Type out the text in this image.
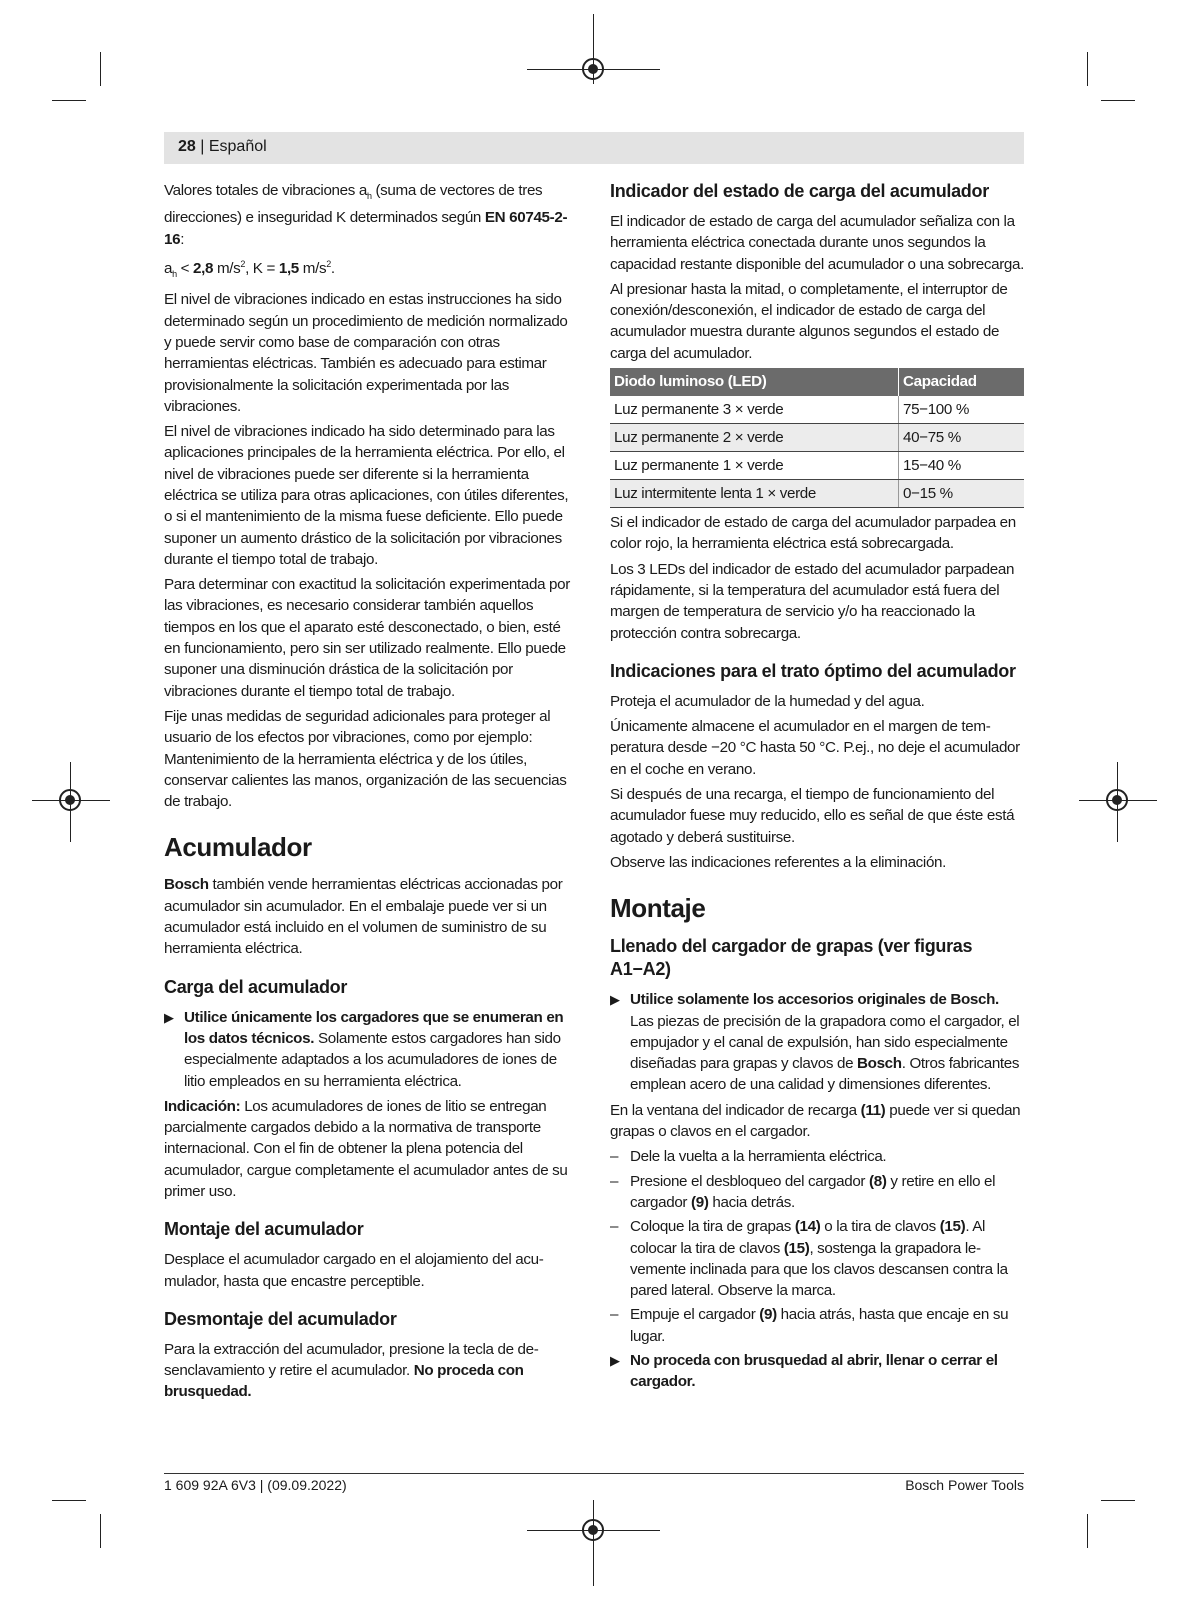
28 | Español

Valores totales de vibraciones $a_h$ (suma de vectores de tres direcciones) e inseguridad K determinados según EN 60745-2-16:

$a_h < 2,8$ $m/s^2$, K = 1,5 $m/s^2$.

El nivel de vibraciones indicado en estas instrucciones ha sido determinado según un procedimiento de medición normalizado y puede servir como base de comparación con otras herramientas eléctricas. También es adecuado para estimar provisionalmente la solicitación experimentada por las vibraciones.

El nivel de vibraciones indicado ha sido determinado para las aplicaciones principales de la herramienta eléctrica. Por ello, el nivel de vibraciones puede ser diferente si la herramienta eléctrica se utiliza para otras aplicaciones, con útiles diferentes, o si el mantenimiento de la misma fuese deficiente. Ello puede suponer un aumento drástico de la solicitación por vibraciones durante el tiempo total de trabajo.

Para determinar con exactitud la solicitación experimentada por las vibraciones, es necesario considerar también aquellos tiempos en los que el aparato esté desconectado, o bien, esté en funcionamiento, pero sin ser utilizado realmente. Ello puede suponer una disminución drástica de la solicitación por vibraciones durante el tiempo total de trabajo.

Fije unas medidas de seguridad adicionales para proteger al usuario de los efectos por vibraciones, como por ejemplo: Mantenimiento de la herramienta eléctrica y de los útiles, conservar calientes las manos, organización de las secuencias de trabajo.

Acumulador

Bosch también vende herramientas eléctricas accionadas por acumulador sin acumulador. En el embalaje puede ver si un acumulador está incluido en el volumen de suministro de su herramienta eléctrica.

Carga del acumulador
▶ Utilice únicamente los cargadores que se enumeran en los datos técnicos. Solamente estos cargadores han sido especialmente adaptados a los acumuladores de iones de litio empleados en su herramienta eléctrica.

Indicación: Los acumuladores de iones de litio se entregan parcialmente cargados debido a la normativa de transporte internacional. Con el fin de obtener la plena potencia del acumulador, cargue completamente el acumulador antes de su primer uso.

Montaje del acumulador

Desplace el acumulador cargado en el alojamiento del acumulador, hasta que encastre perceptible.

Desmontaje del acumulador

Para la extracción del acumulador, presione la tecla de desenclavamiento y retire el acumulador. No proceda con brusquedad.

Indicador del estado de carga del acumulador

El indicador de estado de carga del acumulador señaliza con la herramienta eléctrica conectada durante unos segundos la capacidad restante disponible del acumulador o una sobrecarga.

Al presionar hasta la mitad, o completamente, el interruptor de conexión/desconexión, el indicador de estado de carga del acumulador muestra durante algunos segundos el estado de carga del acumulador.

Diodo luminoso (LED)	Capacidad
Luz permanente 3 × verde	75−100 %
Luz permanente 2 × verde	40−75 %
Luz permanente 1 × verde	15−40 %
Luz intermitente lenta 1 × verde	0−15 %

Si el indicador de estado de carga del acumulador parpadea en color rojo, la herramienta eléctrica está sobrecargada.

Los 3 LEDs del indicador de estado del acumulador parpadean rápidamente, si la temperatura del acumulador está fuera del margen de temperatura de servicio y/o ha reaccionado la protección contra sobrecarga.

Indicaciones para el trato óptimo del acumulador

Proteja el acumulador de la humedad y del agua.

Únicamente almacene el acumulador en el margen de temperatura desde −20 °C hasta 50 °C. P.ej., no deje el acumulador en el coche en verano.

Si después de una recarga, el tiempo de funcionamiento del acumulador fuese muy reducido, ello es señal de que éste está agotado y deberá sustituirse.

Observe las indicaciones referentes a la eliminación.

Montaje
Llenado del cargador de grapas (ver figuras A1−A2)
▶ Utilice solamente los accesorios originales de Bosch. Las piezas de precisión de la grapadora como el cargador, el empujador y el canal de expulsión, han sido especialmente diseñadas para grapas y clavos de Bosch. Otros fabricantes emplean acero de una calidad y dimensiones diferentes.

En la ventana del indicador de recarga (11) puede ver si quedan grapas o clavos en el cargador.

– Dele la vuelta a la herramienta eléctrica.
– Presione el desbloqueo del cargador (8) y retire en ello el cargador (9) hacia detrás.
– Coloque la tira de grapas (14) o la tira de clavos (15). Al colocar la tira de clavos (15), sostenga la grapadora levemente inclinada para que los clavos descansen contra la pared lateral. Observe la marca.
– Empuje el cargador (9) hacia atrás, hasta que encaje en su lugar.
▶ No proceda con brusquedad al abrir, llenar o cerrar el cargador.
1 609 92A 6V3 | (09.09.2022)	Bosch Power Tools
